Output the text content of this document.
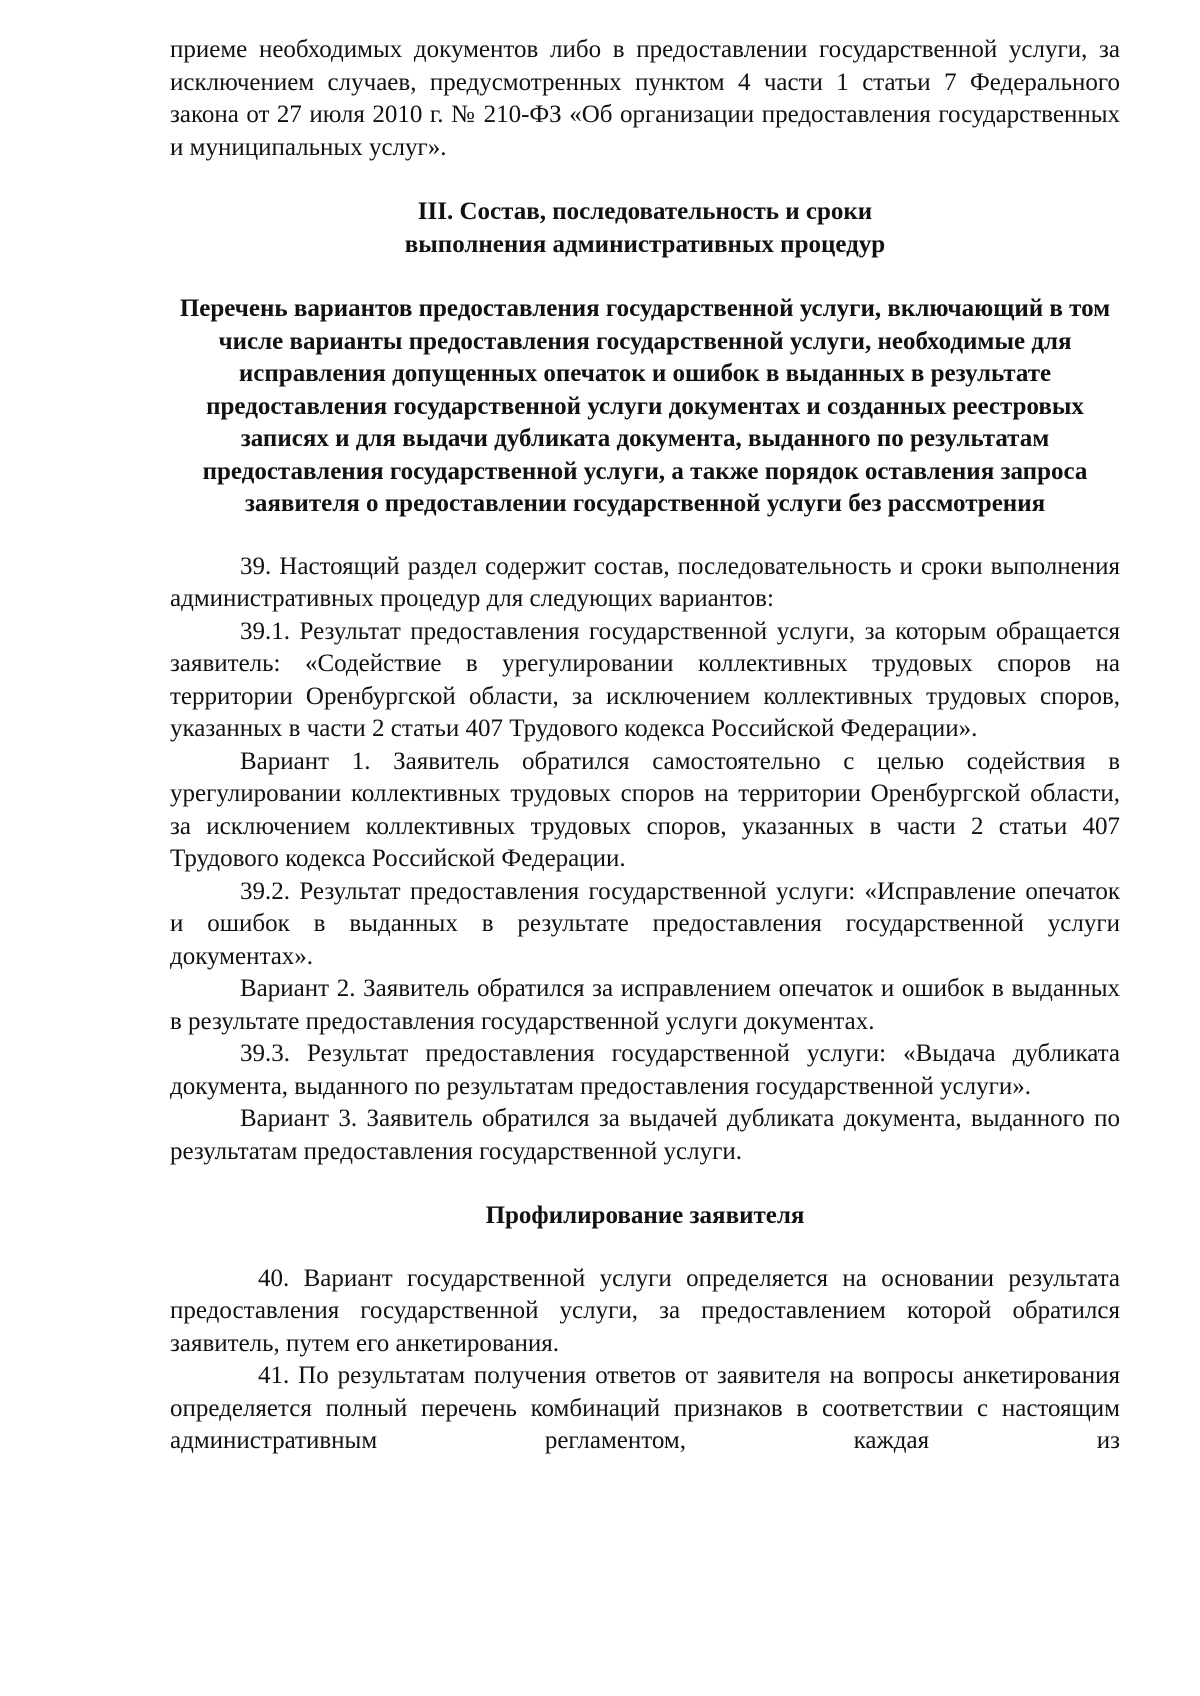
приеме необходимых документов либо в предоставлении государственной услуги, за исключением случаев, предусмотренных пунктом 4 части 1 статьи 7 Федерального закона от 27 июля 2010 г. № 210-ФЗ «Об организации предоставления государственных и муниципальных услуг».

III. Состав, последовательность и сроки выполнения административных процедур

Перечень вариантов предоставления государственной услуги, включающий в том числе варианты предоставления государственной услуги, необходимые для исправления допущенных опечаток и ошибок в выданных в результате предоставления государственной услуги документах и созданных реестровых записях и для выдачи дубликата документа, выданного по результатам предоставления государственной услуги, а также порядок оставления запроса заявителя о предоставлении государственной услуги без рассмотрения

39. Настоящий раздел содержит состав, последовательность и сроки выполнения административных процедур для следующих вариантов:

39.1. Результат предоставления государственной услуги, за которым обращается заявитель: «Содействие в урегулировании коллективных трудовых споров на территории Оренбургской области, за исключением коллективных трудовых споров, указанных в части 2 статьи 407 Трудового кодекса Российской Федерации».

Вариант 1. Заявитель обратился самостоятельно с целью содействия в урегулировании коллективных трудовых споров на территории Оренбургской области, за исключением коллективных трудовых споров, указанных в части 2 статьи 407 Трудового кодекса Российской Федерации.

39.2. Результат предоставления государственной услуги: «Исправление опечаток и ошибок в выданных в результате предоставления государственной услуги документах».

Вариант 2. Заявитель обратился за исправлением опечаток и ошибок в выданных в результате предоставления государственной услуги документах.

39.3. Результат предоставления государственной услуги: «Выдача дубликата документа, выданного по результатам предоставления государственной услуги».

Вариант 3. Заявитель обратился за выдачей дубликата документа, выданного по результатам предоставления государственной услуги.

Профилирование заявителя

40. Вариант государственной услуги определяется на основании результата предоставления государственной услуги, за предоставлением которой обратился заявитель, путем его анкетирования.

41. По результатам получения ответов от заявителя на вопросы анкетирования определяется полный перечень комбинаций признаков в соответствии с настоящим административным регламентом, каждая из
